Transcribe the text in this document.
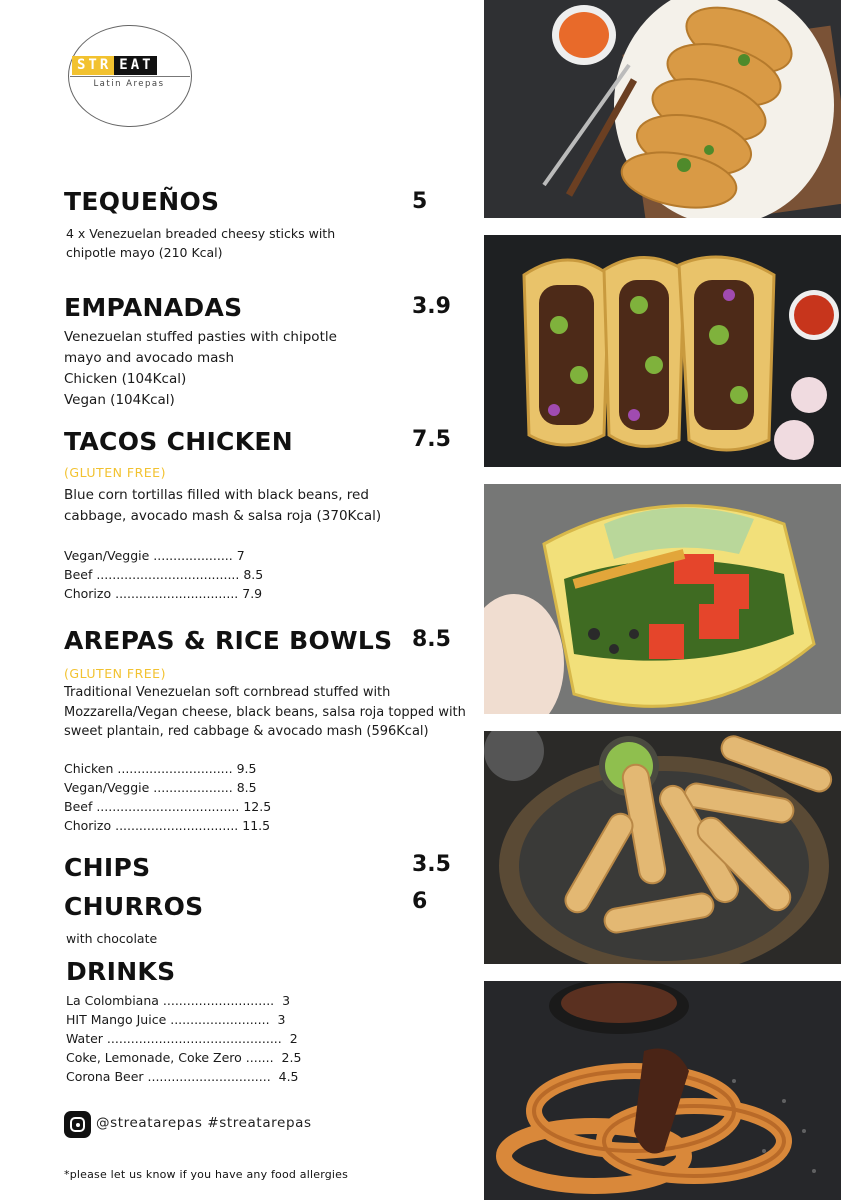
STR EAT
Latin Arepas
TEQUEÑOS	5
4 x Venezuelan breaded cheesy sticks with
chipotle mayo (210 Kcal)
EMPANADAS	3.9
Venezuelan stuffed pasties with chipotle
mayo and avocado mash
Chicken (104Kcal)
Vegan (104Kcal)
TACOS CHICKEN	7.5
(GLUTEN FREE)
Blue corn tortillas filled with black beans, red
cabbage, avocado mash & salsa roja (370Kcal)
Vegan/Veggie .................... 7
Beef .................................... 8.5
Chorizo ............................... 7.9
AREPAS & RICE BOWLS 8.5
(GLUTEN FREE)
Traditional Venezuelan soft cornbread stuffed with
Mozzarella/Vegan cheese, black beans, salsa roja topped with
sweet plantain, red cabbage & avocado mash (596Kcal)
Chicken ............................. 9.5
Vegan/Veggie .................... 8.5
Beef .................................... 12.5
Chorizo ............................... 11.5
CHIPS	3.5
CHURROS	6
with chocolate
DRINKS
La Colombiana ............................  3
HIT Mango Juice .........................  3
Water ............................................  2
Coke, Lemonade, Coke Zero .......  2.5
Corona Beer ...............................  4.5
@streatarepas #streatarepas
*please let us know if you have any food allergies
